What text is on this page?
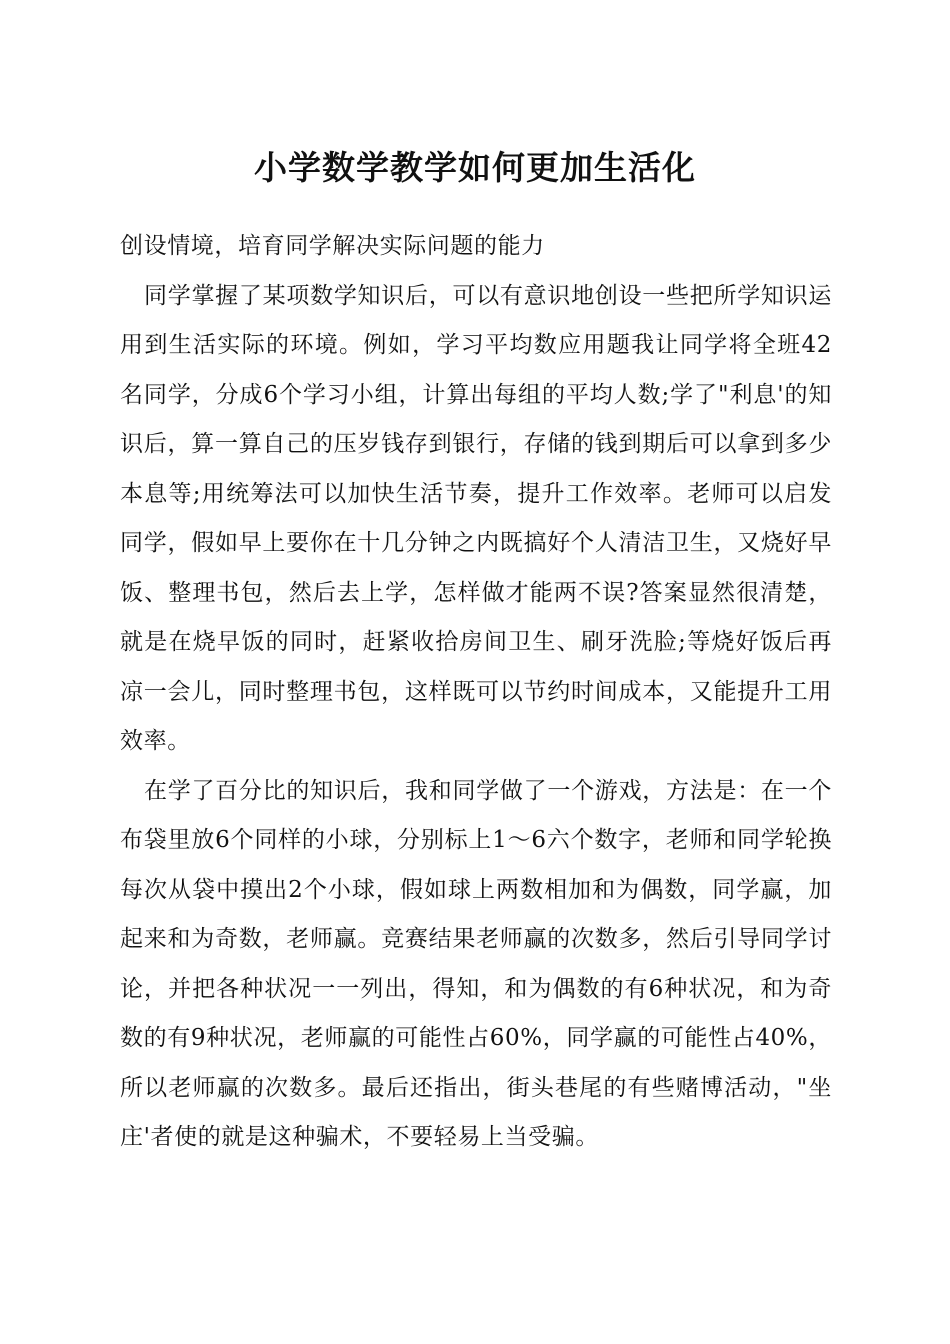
小学数学教学如何更加生活化

创设情境，培育同学解决实际问题的能力

同学掌握了某项数学知识后，可以有意识地创设一些把所学知识运用到生活实际的环境。例如，学习平均数应用题我让同学将全班42名同学，分成6个学习小组，计算出每组的平均人数;学了"利息'的知识后，算一算自己的压岁钱存到银行，存储的钱到期后可以拿到多少本息等;用统筹法可以加快生活节奏，提升工作效率。老师可以启发同学，假如早上要你在十几分钟之内既搞好个人清洁卫生，又烧好早饭、整理书包，然后去上学，怎样做才能两不误?答案显然很清楚，就是在烧早饭的同时，赶紧收拾房间卫生、刷牙洗脸;等烧好饭后再凉一会儿，同时整理书包，这样既可以节约时间成本，又能提升工用效率。

在学了百分比的知识后，我和同学做了一个游戏，方法是：在一个布袋里放6个同样的小球，分别标上1～6六个数字，老师和同学轮换每次从袋中摸出2个小球，假如球上两数相加和为偶数，同学赢，加起来和为奇数，老师赢。竞赛结果老师赢的次数多，然后引导同学讨论，并把各种状况一一列出，得知，和为偶数的有6种状况，和为奇数的有9种状况，老师赢的可能性占60%，同学赢的可能性占40%，所以老师赢的次数多。最后还指出，街头巷尾的有些赌博活动，"坐庄'者使的就是这种骗术，不要轻易上当受骗。
